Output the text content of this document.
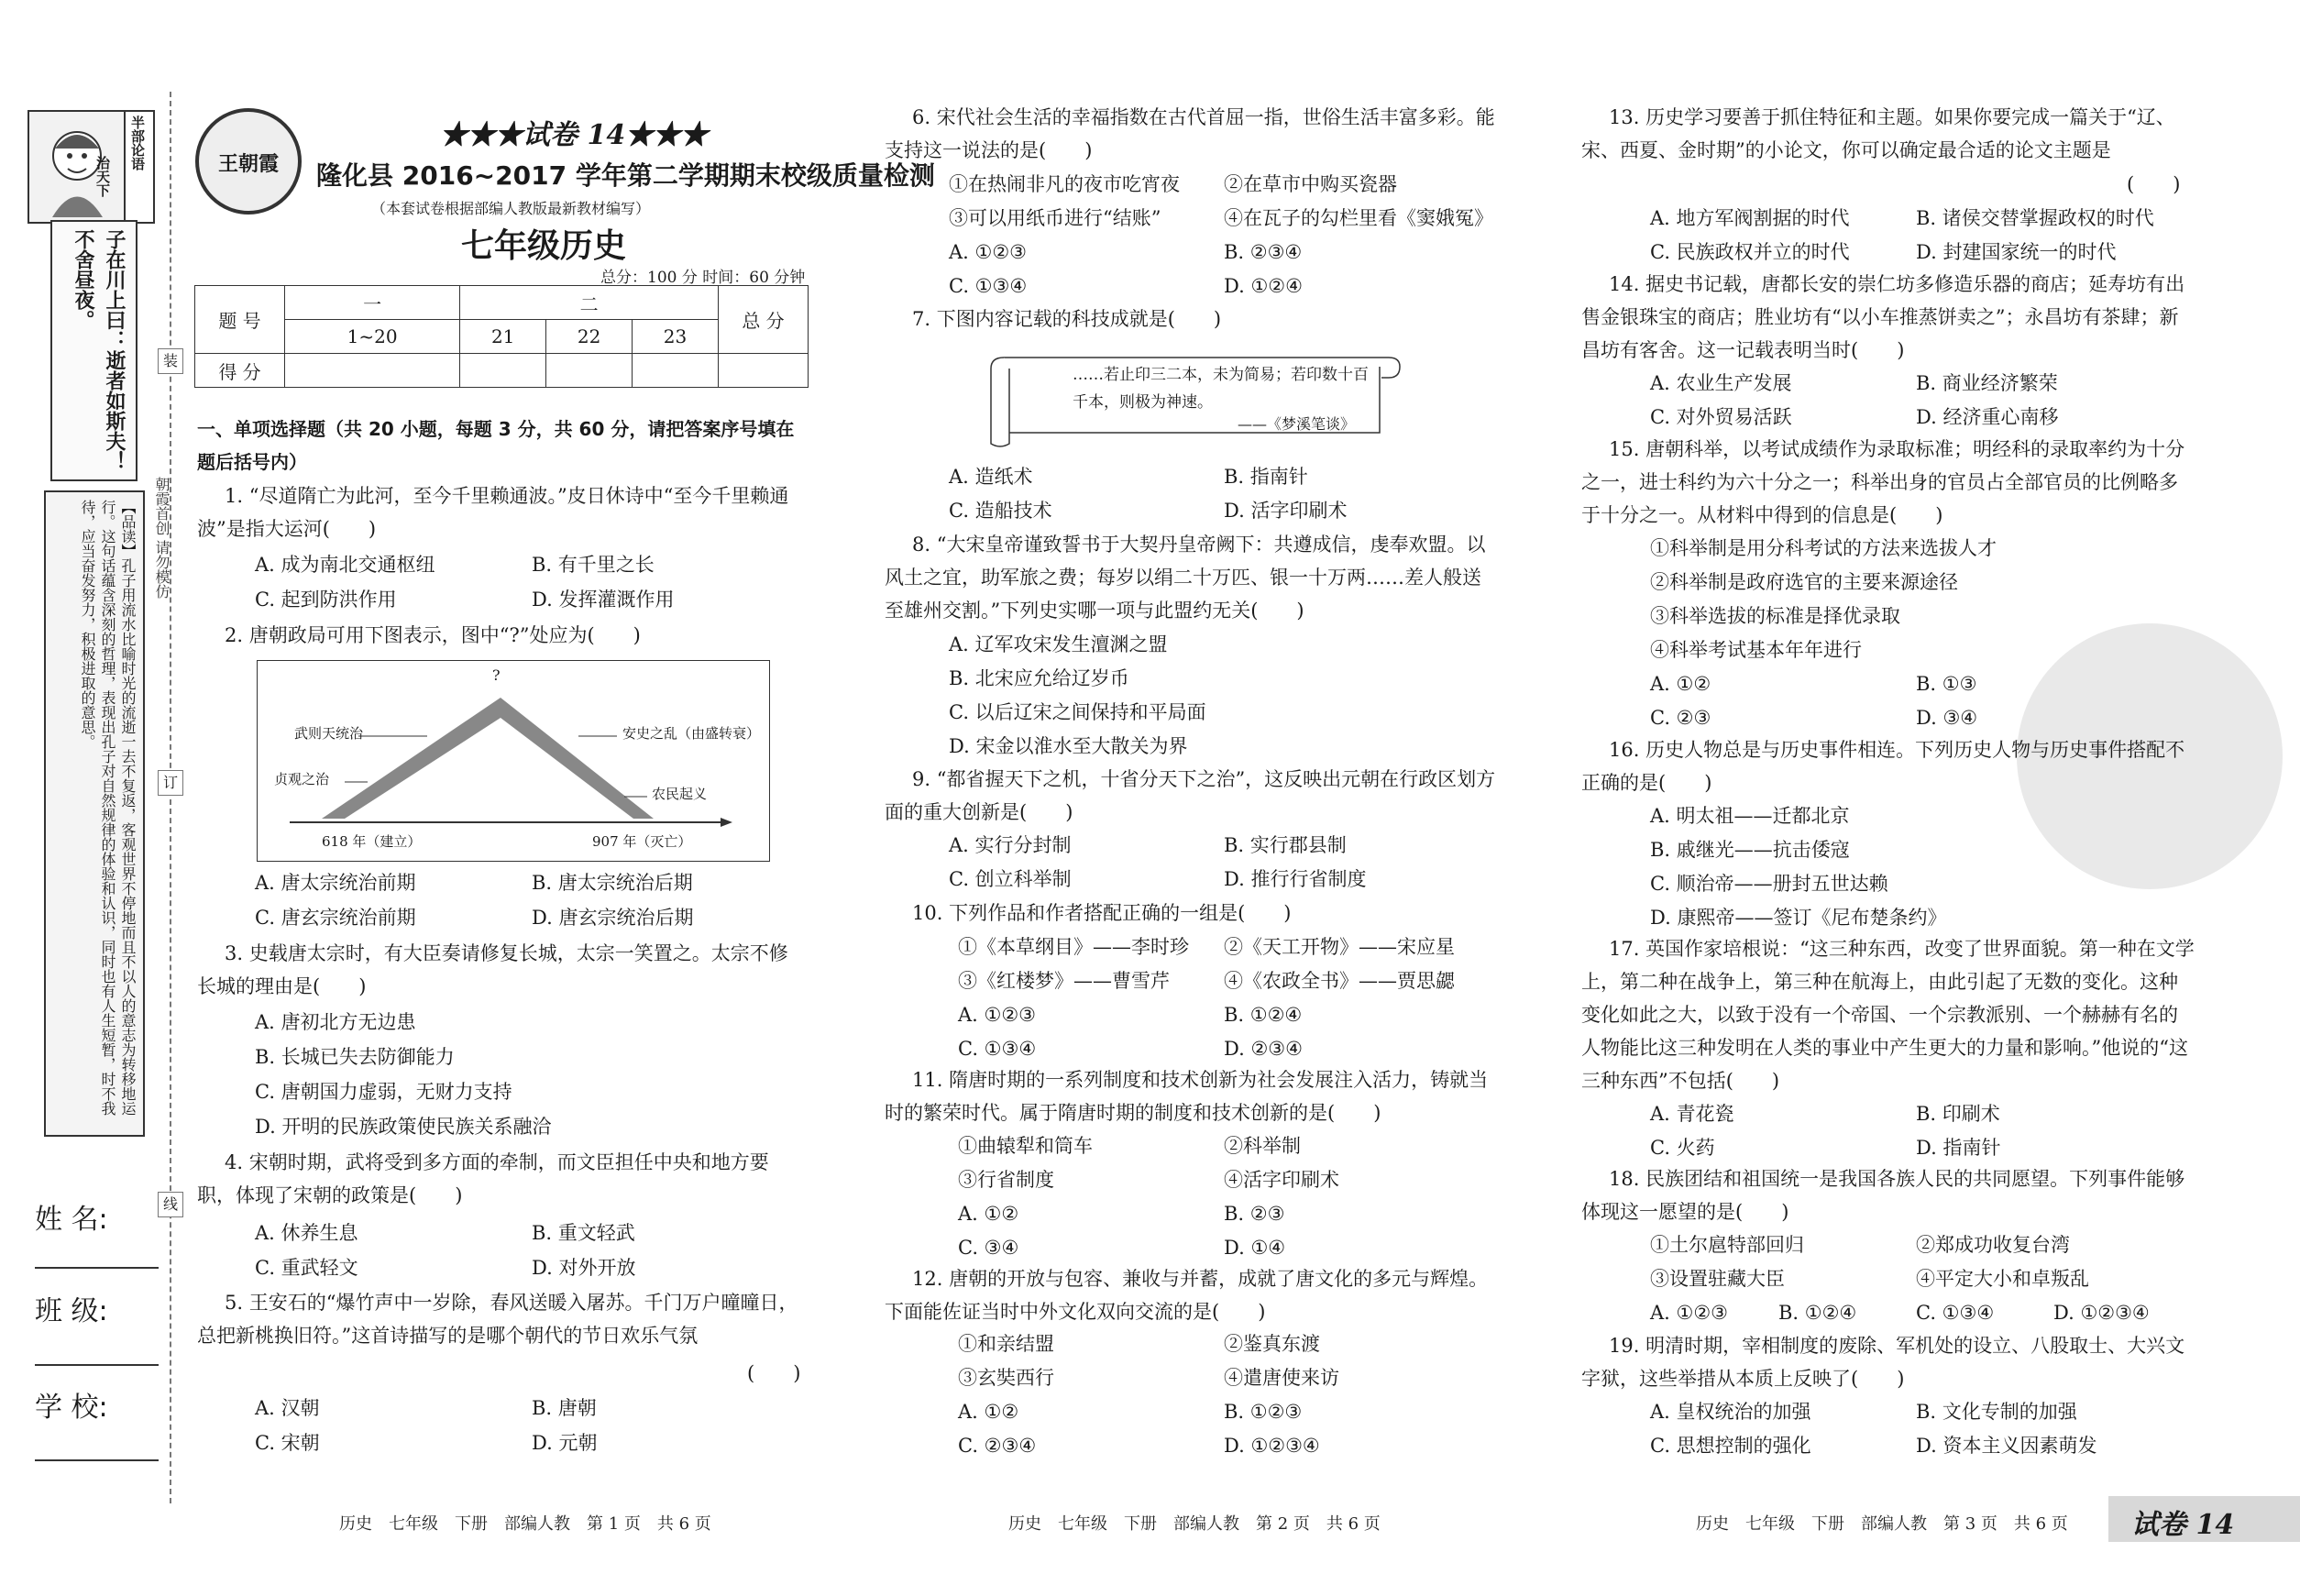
半部论语
治天下
子在川上曰：逝者如斯夫！不舍昼夜。
【品读】孔子用流水比喻时光的流逝一去不复返，客观世界不停地而且不以人的意志为转移地运行。这句话蕴含深刻的哲理，表现出孔子对自然规律的体验和认识，同时也有人生短暂，时不我待，应当奋发努力，积极进取的意思。	朝霞首创 请勿模仿
装
订
线
姓 名:
班 级:
学 校:
王朝霞
★★★试卷 14★★★
隆化县 2016~2017 学年第二学期期末校级质量检测
（本套试卷根据部编人教版最新教材编写）
七年级历史
总分：100 分 时间：60 分钟
题 号	一	二			总 分
	1~20	21	22	23	
得 分					
一、单项选择题（共 20 小题，每题 3 分，共 60 分，请把答案序号填在题后括号内）
1. “尽道隋亡为此河，至今千里赖通波。”皮日休诗中“至今千里赖通波”是指大运河(　　)
A. 成为南北交通枢纽	B. 有千里之长
C. 起到防洪作用	D. 发挥灌溉作用
2. 唐朝政局可用下图表示，图中“?”处应为(　　)
?
武则天统治
贞观之治
安史之乱（由盛转衰）
农民起义
618 年（建立）	907 年（灭亡）
A. 唐太宗统治前期	B. 唐太宗统治后期
C. 唐玄宗统治前期	D. 唐玄宗统治后期
3. 史载唐太宗时，有大臣奏请修复长城，太宗一笑置之。太宗不修长城的理由是(　　)
A. 唐初北方无边患
B. 长城已失去防御能力
C. 唐朝国力虚弱，无财力支持
D. 开明的民族政策使民族关系融洽
4. 宋朝时期，武将受到多方面的牵制，而文臣担任中央和地方要职，体现了宋朝的政策是(　　)
A. 休养生息	B. 重文轻武
C. 重武轻文	D. 对外开放
5. 王安石的“爆竹声中一岁除，春风送暖入屠苏。千门万户曈曈日，总把新桃换旧符。”这首诗描写的是哪个朝代的节日欢乐气氛
(　　)
A. 汉朝	B. 唐朝
C. 宋朝	D. 元朝
6. 宋代社会生活的幸福指数在古代首屈一指，世俗生活丰富多彩。能支持这一说法的是(　　)
①在热闹非凡的夜市吃宵夜 ②在草市中购买瓷器
③可以用纸币进行“结账”	④在瓦子的勾栏里看《窦娥冤》
A. ①②③	B. ②③④
C. ①③④	D. ①②④
7. 下图内容记载的科技成就是(　　)
……若止印三二本，未为简易；若印数十百
千本，则极为神速。
——《梦溪笔谈》
A. 造纸术	B. 指南针
C. 造船技术	D. 活字印刷术
8. “大宋皇帝谨致誓书于大契丹皇帝阙下：共遵成信，虔奉欢盟。以风土之宜，助军旅之费；每岁以绢二十万匹、银一十万两……差人般送至雄州交割。”下列史实哪一项与此盟约无关(　　)
A. 辽军攻宋发生澶渊之盟
B. 北宋应允给辽岁币
C. 以后辽宋之间保持和平局面
D. 宋金以淮水至大散关为界
9. “都省握天下之机，十省分天下之治”，这反映出元朝在行政区划方面的重大创新是(　　)
A. 实行分封制	B. 实行郡县制
C. 创立科举制	D. 推行行省制度
10. 下列作品和作者搭配正确的一组是(　　)
①《本草纲目》——李时珍 ②《天工开物》——宋应星
③《红楼梦》——曹雪芹	④《农政全书》——贾思勰
A. ①②③	B. ①②④
C. ①③④	D. ②③④
11. 隋唐时期的一系列制度和技术创新为社会发展注入活力，铸就当时的繁荣时代。属于隋唐时期的制度和技术创新的是(　　)
①曲辕犁和筒车	②科举制
③行省制度	④活字印刷术
A. ①②	B. ②③
C. ③④	D. ①④
12. 唐朝的开放与包容、兼收与并蓄，成就了唐文化的多元与辉煌。下面能佐证当时中外文化双向交流的是(　　)
①和亲结盟	②鉴真东渡
③玄奘西行	④遣唐使来访
A. ①②	B. ①②③
C. ②③④	D. ①②③④
13. 历史学习要善于抓住特征和主题。如果你要完成一篇关于“辽、宋、西夏、金时期”的小论文，你可以确定最合适的论文主题是
(　　)
A. 地方军阀割据的时代	B. 诸侯交替掌握政权的时代
C. 民族政权并立的时代	D. 封建国家统一的时代
14. 据史书记载，唐都长安的崇仁坊多修造乐器的商店；延寿坊有出售金银珠宝的商店；胜业坊有“以小车推蒸饼卖之”；永昌坊有茶肆；新昌坊有客舍。这一记载表明当时(　　)
A. 农业生产发展	B. 商业经济繁荣
C. 对外贸易活跃	D. 经济重心南移
15. 唐朝科举，以考试成绩作为录取标准；明经科的录取率约为十分之一，进士科约为六十分之一；科举出身的官员占全部官员的比例略多于十分之一。从材料中得到的信息是(　　)
①科举制是用分科考试的方法来选拔人才
②科举制是政府选官的主要来源途径
③科举选拔的标准是择优录取
④科举考试基本年年进行
A. ①②	B. ①③
C. ②③	D. ③④
16. 历史人物总是与历史事件相连。下列历史人物与历史事件搭配不正确的是(　　)
A. 明太祖——迁都北京
B. 戚继光——抗击倭寇
C. 顺治帝——册封五世达赖
D. 康熙帝——签订《尼布楚条约》
17. 英国作家培根说：“这三种东西，改变了世界面貌。第一种在文学上，第二种在战争上，第三种在航海上，由此引起了无数的变化。这种变化如此之大，以致于没有一个帝国、一个宗教派别、一个赫赫有名的人物能比这三种发明在人类的事业中产生更大的力量和影响。”他说的“这三种东西”不包括(　　)
A. 青花瓷	B. 印刷术
C. 火药	D. 指南针
18. 民族团结和祖国统一是我国各族人民的共同愿望。下列事件能够体现这一愿望的是(　　)
①土尔扈特部回归	②郑成功收复台湾
③设置驻藏大臣	④平定大小和卓叛乱
A. ①②③	B. ①②④	C. ①③④	D. ①②③④
19. 明清时期，宰相制度的废除、军机处的设立、八股取士、大兴文字狱，这些举措从本质上反映了(　　)
A. 皇权统治的加强	B. 文化专制的加强
C. 思想控制的强化	D. 资本主义因素萌发
历史　七年级　下册　部编人教　第 1 页　共 6 页	历史　七年级　下册　部编人教　第 2 页　共 6 页	历史　七年级　下册　部编人教　第 3 页　共 6 页 试卷 14
